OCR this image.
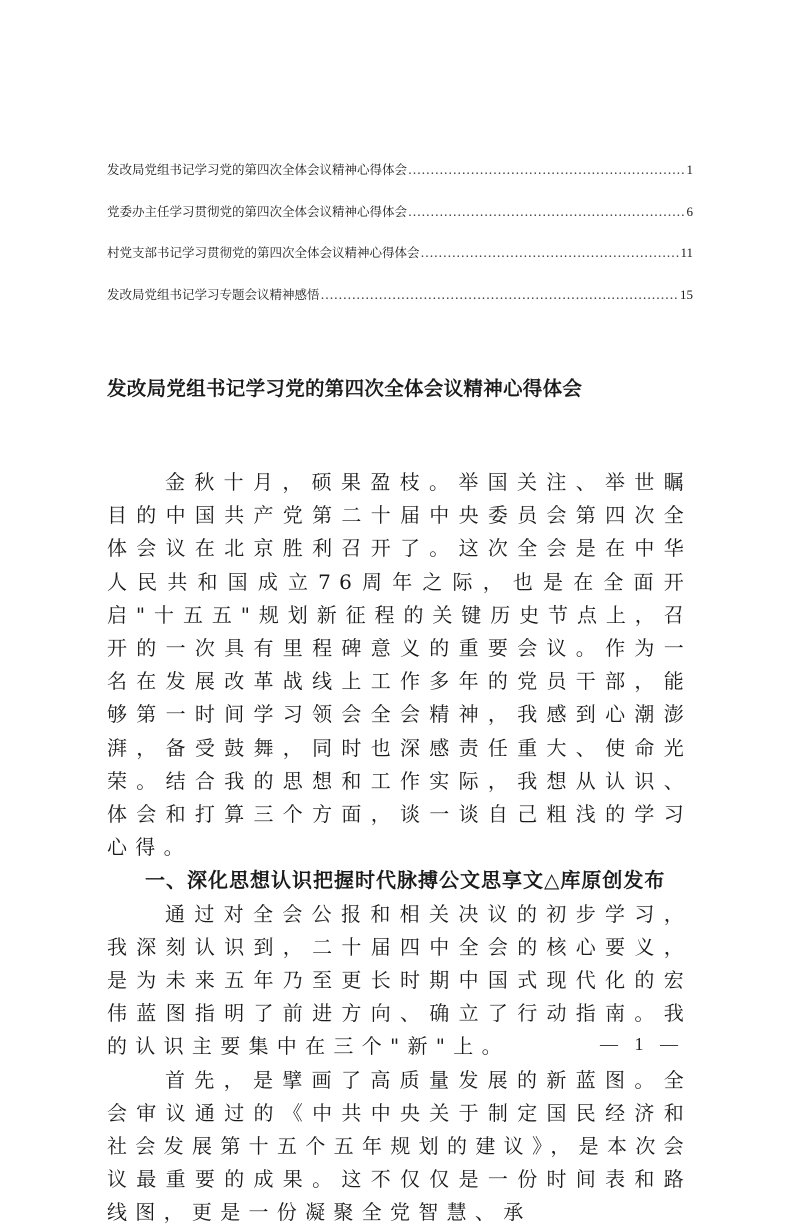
发改局党组书记学习党的第四次全体会议精神心得体会 .....	1
党委办主任学习贯彻党的第四次全体会议精神心得体会 .....	6
村党支部书记学习贯彻党的第四次全体会议精神心得体会 .....	11
发改局党组书记学习专题会议精神感悟 .....	15
发改局党组书记学习党的第四次全体会议精神心得体会

金秋十月，硕果盈枝。举国关注、举世瞩目的中国共产党第二十届中央委员会第四次全体会议在北京胜利召开了。这次全会是在中华人民共和国成立76周年之际，也是在全面开启"十五五"规划新征程的关键历史节点上，召开的一次具有里程碑意义的重要会议。作为一名在发展改革战线上工作多年的党员干部，能够第一时间学习领会全会精神，我感到心潮澎湃，备受鼓舞，同时也深感责任重大、使命光荣。结合我的思想和工作实际，我想从认识、体会和打算三个方面，谈一谈自己粗浅的学习心得。

一、深化思想认识把握时代脉搏公文思享文△库原创发布

通过对全会公报和相关决议的初步学习，我深刻认识到，二十届四中全会的核心要义，是为未来五年乃至更长时期中国式现代化的宏伟蓝图指明了前进方向、确立了行动指南。我的认识主要集中在三个"新"上。

首先，是擘画了高质量发展的新蓝图。全会审议通过的《中共中央关于制定国民经济和社会发展第十五个五年规划的建议》，是本次会议最重要的成果。这不仅仅是一份时间表和路线图，更是一份凝聚全党智慧、承

— 1 —
